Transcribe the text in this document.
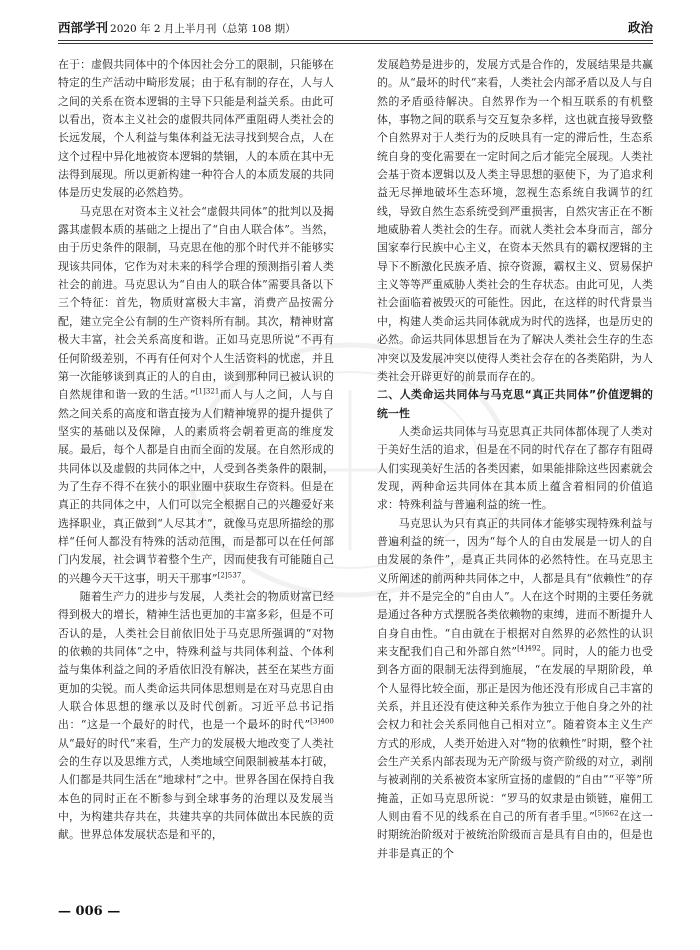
西部学刊 2020 年 2 月上半月刊（总第 108 期）	政治

在于：虚假共同体中的个体因社会分工的限制，只能够在特定的生产活动中畸形发展；由于私有制的存在，人与人之间的关系在资本逻辑的主导下只能是利益关系。由此可以看出，资本主义社会的虚假共同体严重阻碍人类社会的长远发展，个人利益与集体利益无法寻找到契合点，人在这个过程中异化地被资本逻辑的禁锢，人的本质在其中无法得到展现。所以更新构建一种符合人的本质发展的共同体是历史发展的必然趋势。

马克思在对资本主义社会“虚假共同体”的批判以及揭露其虚假本质的基础之上提出了“自由人联合体”。当然，由于历史条件的限制，马克思在他的那个时代并不能够实现该共同体，它作为对未来的科学合理的预测指引着人类社会的前进。马克思认为“自由人的联合体”需要具备以下三个特征：首先，物质财富极大丰富，消费产品按需分配，建立完全公有制的生产资料所有制。其次，精神财富极大丰富，社会关系高度和谐。正如马克思所说“不再有任何阶级差别，不再有任何对个人生活资料的忧虑，并且第一次能够谈到真正的人的自由，谈到那种同已被认识的自然规律和谐一致的生活。”$^{[1]321}$而人与人之间，人与自然之间关系的高度和谐直接为人们精神境界的提升提供了坚实的基础以及保障，人的素质将会朝着更高的维度发展。最后，每个人都是自由而全面的发展。在自然形成的共同体以及虚假的共同体之中，人受到各类条件的限制，为了生存不得不在狭小的职业圈中获取生存资料。但是在真正的共同体之中，人们可以完全根据自己的兴趣爱好来选择职业，真正做到“人尽其才”，就像马克思所描绘的那样“任何人都没有特殊的活动范围，而是都可以在任何部门内发展，社会调节着整个生产，因而使我有可能随自己的兴趣今天干这事，明天干那事”$^{[2]537}$。

随着生产力的进步与发展，人类社会的物质财富已经得到极大的增长，精神生活也更加的丰富多彩，但是不可否认的是，人类社会目前依旧处于马克思所强调的“对物的依赖的共同体”之中，特殊利益与共同体利益、个体利益与集体利益之间的矛盾依旧没有解决，甚至在某些方面更加的尖锐。而人类命运共同体思想则是在对马克思自由人联合体思想的继承以及时代创新。习近平总书记指出：“这是一个最好的时代，也是一个最坏的时代”$^{[3]400}$从“最好的时代”来看，生产力的发展极大地改变了人类社会的生存以及思维方式，人类地域空间限制被基本打破，人们都是共同生活在“地球村”之中。世界各国在保持自我本色的同时正在不断参与到全球事务的治理以及发展当中，为构建共存共在，共建共享的共同体做出本民族的贡献。世界总体发展状态是和平的，

发展趋势是进步的，发展方式是合作的，发展结果是共赢的。从“最坏的时代”来看，人类社会内部矛盾以及人与自然的矛盾亟待解决。自然界作为一个相互联系的有机整体，事物之间的联系与交互复杂多样，这也就直接导致整个自然界对于人类行为的反映具有一定的滞后性，生态系统自身的变化需要在一定时间之后才能完全展现。人类社会基于资本逻辑以及人类主导思想的驱使下，为了追求利益无尽掸地破坏生态环境，忽视生态系统自我调节的红线，导致自然生态系统受到严重损害，自然灾害正在不断地威胁着人类社会的生存。而就人类社会本身而言，部分国家奉行民族中心主义，在资本天然具有的霸权逻辑的主导下不断激化民族矛盾、掠夺资源，霸权主义、贸易保护主义等等严重威胁人类社会的生存状态。由此可见，人类社会面临着被毁灭的可能性。因此，在这样的时代背景当中，构建人类命运共同体就成为时代的选择，也是历史的必然。命运共同体思想旨在为了解决人类社会生存的生态冲突以及发展冲突以使得人类社会存在的各类陷阱，为人类社会开辟更好的前景而存在的。

二、人类命运共同体与马克思“真正共同体”价值逻辑的统一性

人类命运共同体与马克思真正共同体都体现了人类对于美好生活的追求，但是在不同的时代存在了都存有阻碍人们实现美好生活的各类因素，如果能排除这些因素就会发现，两种命运共同体在其本质上蕴含着相同的价值追求：特殊利益与普遍利益的统一性。

马克思认为只有真正的共同体才能够实现特殊利益与普遍利益的统一，因为“每个人的自由发展是一切人的自由发展的条件”，是真正共同体的必然特性。在马克思主义所阐述的前两种共同体之中，人都是具有“依赖性”的存在，并不是完全的“自由人”。人在这个时期的主要任务就是通过各种方式摆脱各类依赖物的束缚，进而不断提升人自身自由性。“自由就在于根据对自然界的必然性的认识来支配我们自己和外部自然”$^{[4]492}$。同时，人的能力也受到各方面的限制无法得到施展，“在发展的早期阶段，单个人显得比较全面，那正是因为他还没有形成自己丰富的关系，并且还没有使这种关系作为独立于他自身之外的社会权力和社会关系同他自己相对立”。随着资本主义生产方式的形成，人类开始进入对“物的依赖性”时期，整个社会生产关系内部表现为无产阶级与资产阶级的对立，剥削与被剥削的关系被资本家所宣扬的虚假的“自由”“平等”所掩盖，正如马克思所说：“罗马的奴隶是由锁链，雇佣工人则由看不见的线系在自己的所有者手里。”$^{[5]662}$在这一时期统治阶级对于被统治阶级而言是具有自由的，但是也并非是真正的个

— 006 —
